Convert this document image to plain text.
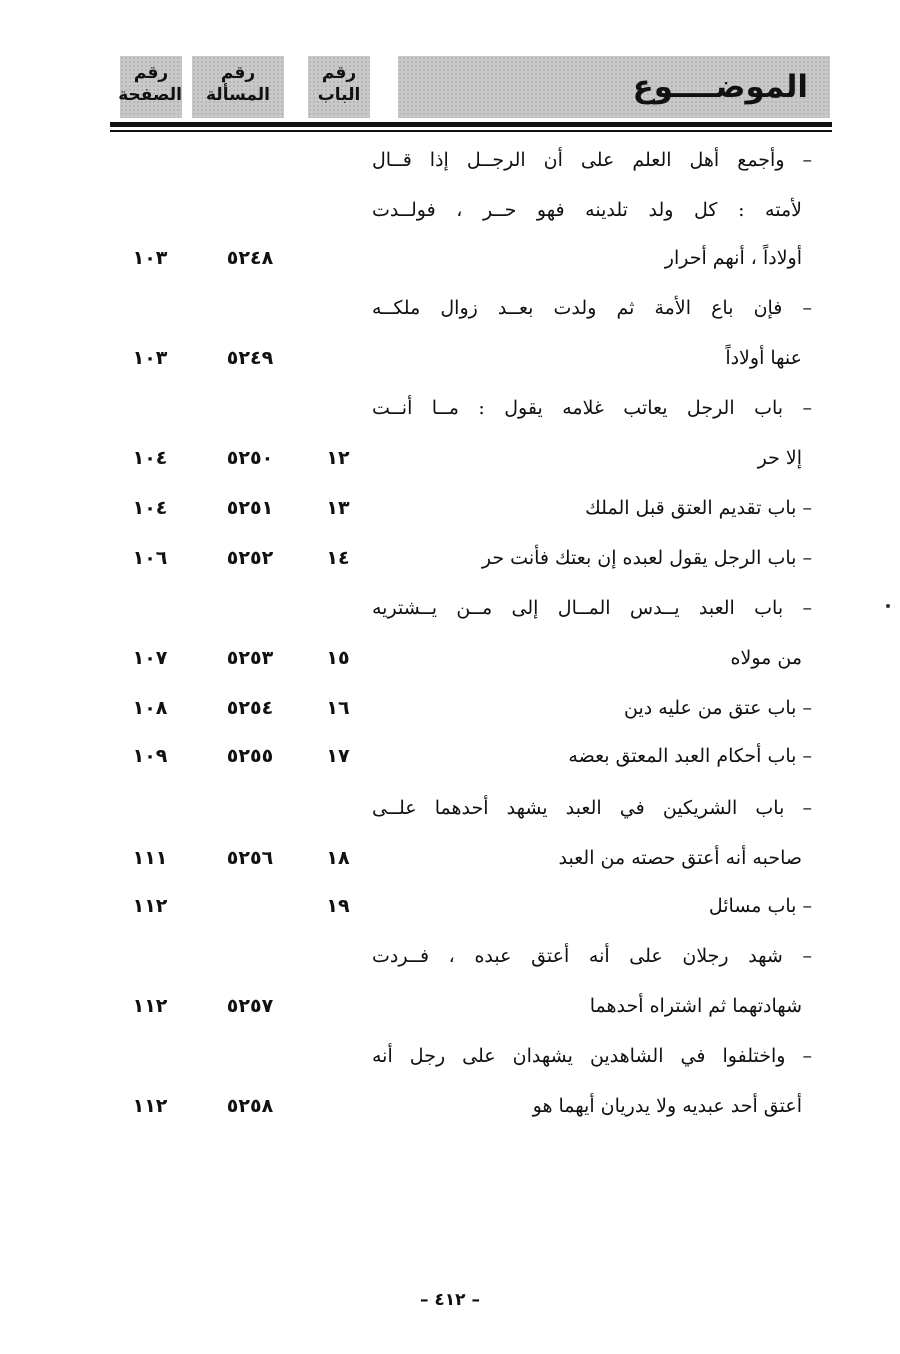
رقم
الصفحة
رقم
المسألة
رقم
الباب	الموضــــوع
– وأجمع أهل العلم على أن الرجــل إذا قــال
لأمته : كل ولد تلدينه فهو حــر ، فولــدت
أولاداً ، أنهم أحرار
٥٢٤٨
١٠٣
– فإن باع الأمة ثم ولدت بعــد زوال ملكــه
عنها أولاداً
٥٢٤٩
١٠٣
– باب الرجل يعاتب غلامه يقول : مــا أنــت
إلا حر
١٢
٥٢٥٠
١٠٤
– باب تقديم العتق قبل الملك
١٣
٥٢٥١
١٠٤
– باب الرجل يقول لعبده إن بعتك فأنت حر
١٤
٥٢٥٢
١٠٦
– باب العبد يــدس المــال إلى مــن يــشتريه
من مولاه
١٥
٥٢٥٣
١٠٧
– باب عتق من عليه دين
١٦
٥٢٥٤
١٠٨
– باب أحكام العبد المعتق بعضه
١٧
٥٢٥٥
١٠٩
– باب الشريكين في العبد يشهد أحدهما علــى
صاحبه أنه أعتق حصته من العبد
١٨
٥٢٥٦
١١١
– باب مسائل
١٩
١١٢
– شهد رجلان على أنه أعتق عبده ، فــردت
شهادتهما ثم اشتراه أحدهما
٥٢٥٧
١١٢
– واختلفوا في الشاهدين يشهدان على رجل أنه
أعتق أحد عبديه ولا يدريان أيهما هو
٥٢٥٨
١١٢
– ٤١٢ –
